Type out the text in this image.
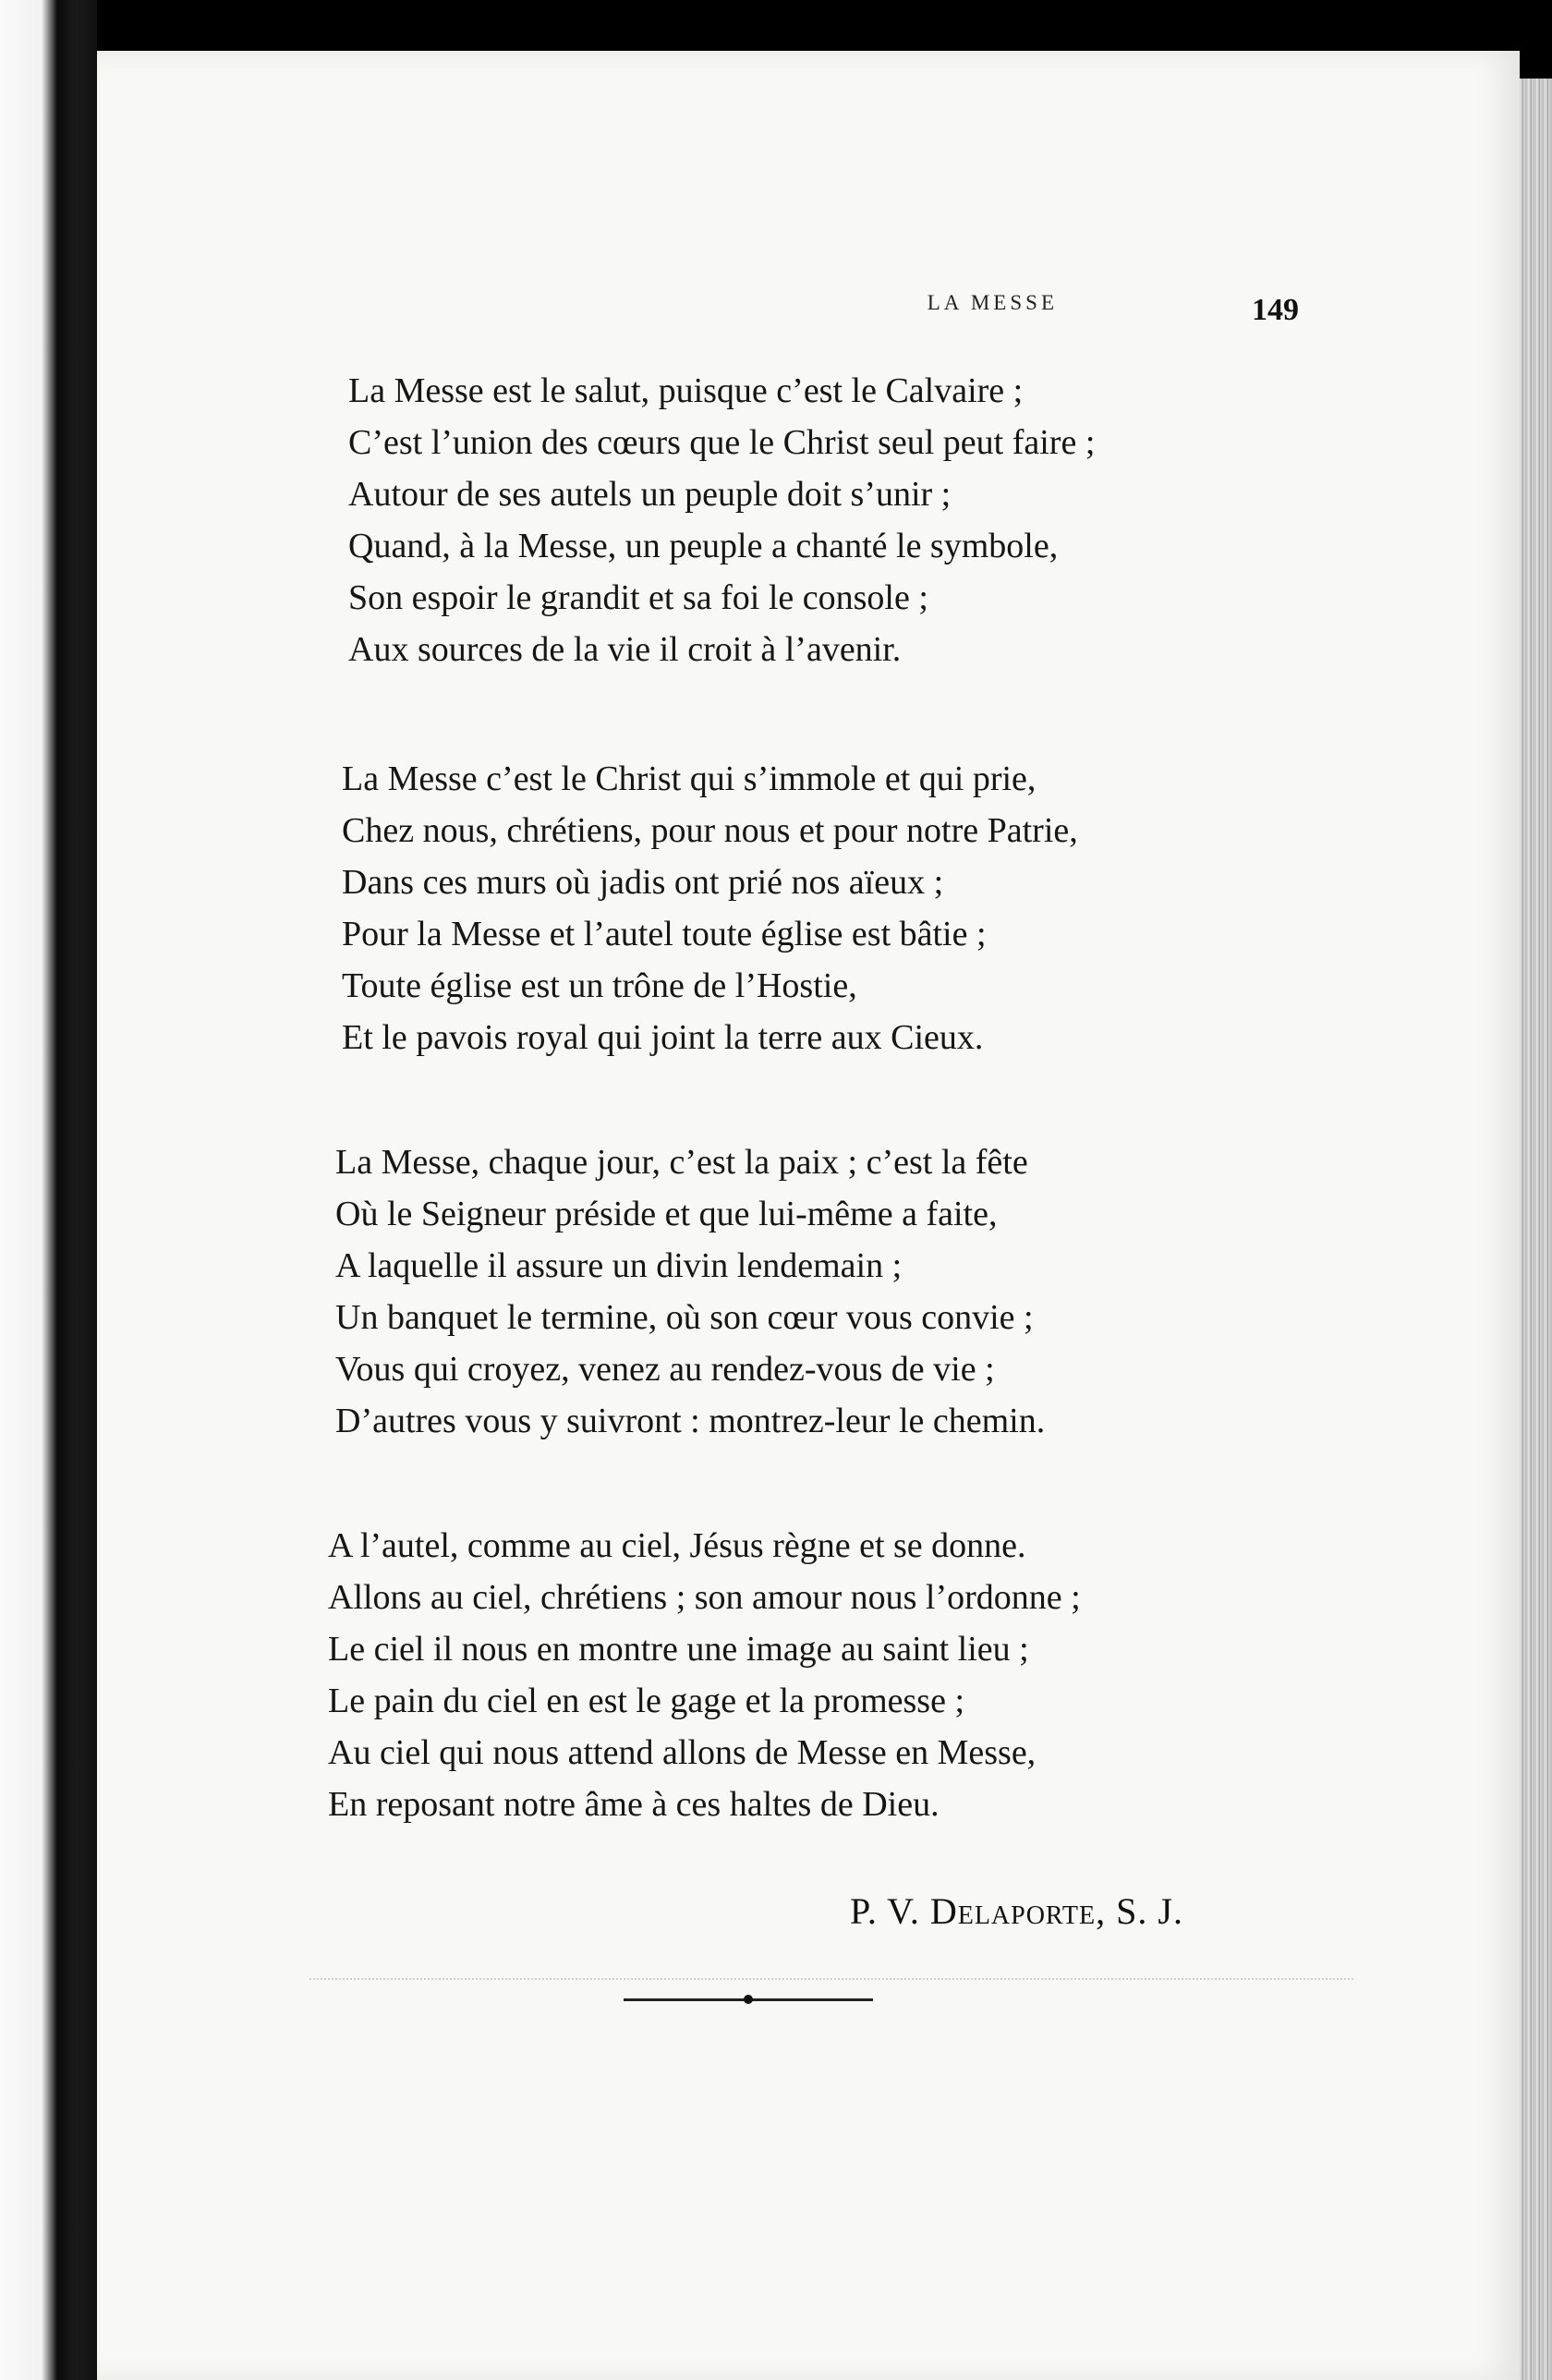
LA MESSE	149
La Messe est le salut, puisque c’est le Calvaire ;
C’est l’union des cœurs que le Christ seul peut faire ;
Autour de ses autels un peuple doit s’unir ;
Quand, à la Messe, un peuple a chanté le symbole,
Son espoir le grandit et sa foi le console ;
Aux sources de la vie il croit à l’avenir.
La Messe c’est le Christ qui s’immole et qui prie,
Chez nous, chrétiens, pour nous et pour notre Patrie,
Dans ces murs où jadis ont prié nos aïeux ;
Pour la Messe et l’autel toute église est bâtie ;
Toute église est un trône de l’Hostie,
Et le pavois royal qui joint la terre aux Cieux.
La Messe, chaque jour, c’est la paix ; c’est la fête
Où le Seigneur préside et que lui-même a faite,
A laquelle il assure un divin lendemain ;
Un banquet le termine, où son cœur vous convie ;
Vous qui croyez, venez au rendez-vous de vie ;
D’autres vous y suivront : montrez-leur le chemin.
A l’autel, comme au ciel, Jésus règne et se donne.
Allons au ciel, chrétiens ; son amour nous l’ordonne ;
Le ciel il nous en montre une image au saint lieu ;
Le pain du ciel en est le gage et la promesse ;
Au ciel qui nous attend allons de Messe en Messe,
En reposant notre âme à ces haltes de Dieu.
P. V. Delaporte, S. J.
